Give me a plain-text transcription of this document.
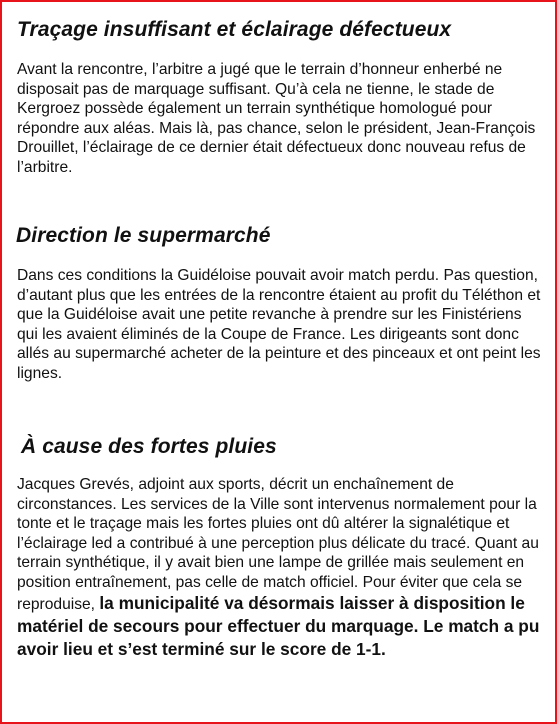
Traçage insuffisant et éclairage défectueux

Avant la rencontre, l’arbitre a jugé que le terrain d’honneur enherbé ne disposait pas de marquage suffisant. Qu’à cela ne tienne, le stade de Kergroez possède également un terrain synthétique homologué pour répondre aux aléas. Mais là, pas chance, selon le président, Jean-François Drouillet, l’éclairage de ce dernier était défectueux donc nouveau refus de l’arbitre.

Direction le supermarché

Dans ces conditions la Guidéloise pouvait avoir match perdu. Pas question, d’autant plus que les entrées de la rencontre étaient au profit du Téléthon et que la Guidéloise avait une petite revanche à prendre sur les Finistériens qui les avaient éliminés de la Coupe de France. Les dirigeants sont donc allés au supermarché acheter de la peinture et des pinceaux et ont peint les lignes.

À cause des fortes pluies

Jacques Grevés, adjoint aux sports, décrit un enchaînement de circonstances. Les services de la Ville sont intervenus normalement pour la tonte et le traçage mais les fortes pluies ont dû altérer la signalétique et l’éclairage led a contribué à une perception plus délicate du tracé. Quant au terrain synthétique, il y avait bien une lampe de grillée mais seulement en position entraînement, pas celle de match officiel. Pour éviter que cela se reproduise, la municipalité va désormais laisser à disposition le matériel de secours pour effectuer du marquage. Le match a pu avoir lieu et s’est terminé sur le score de 1-1.
